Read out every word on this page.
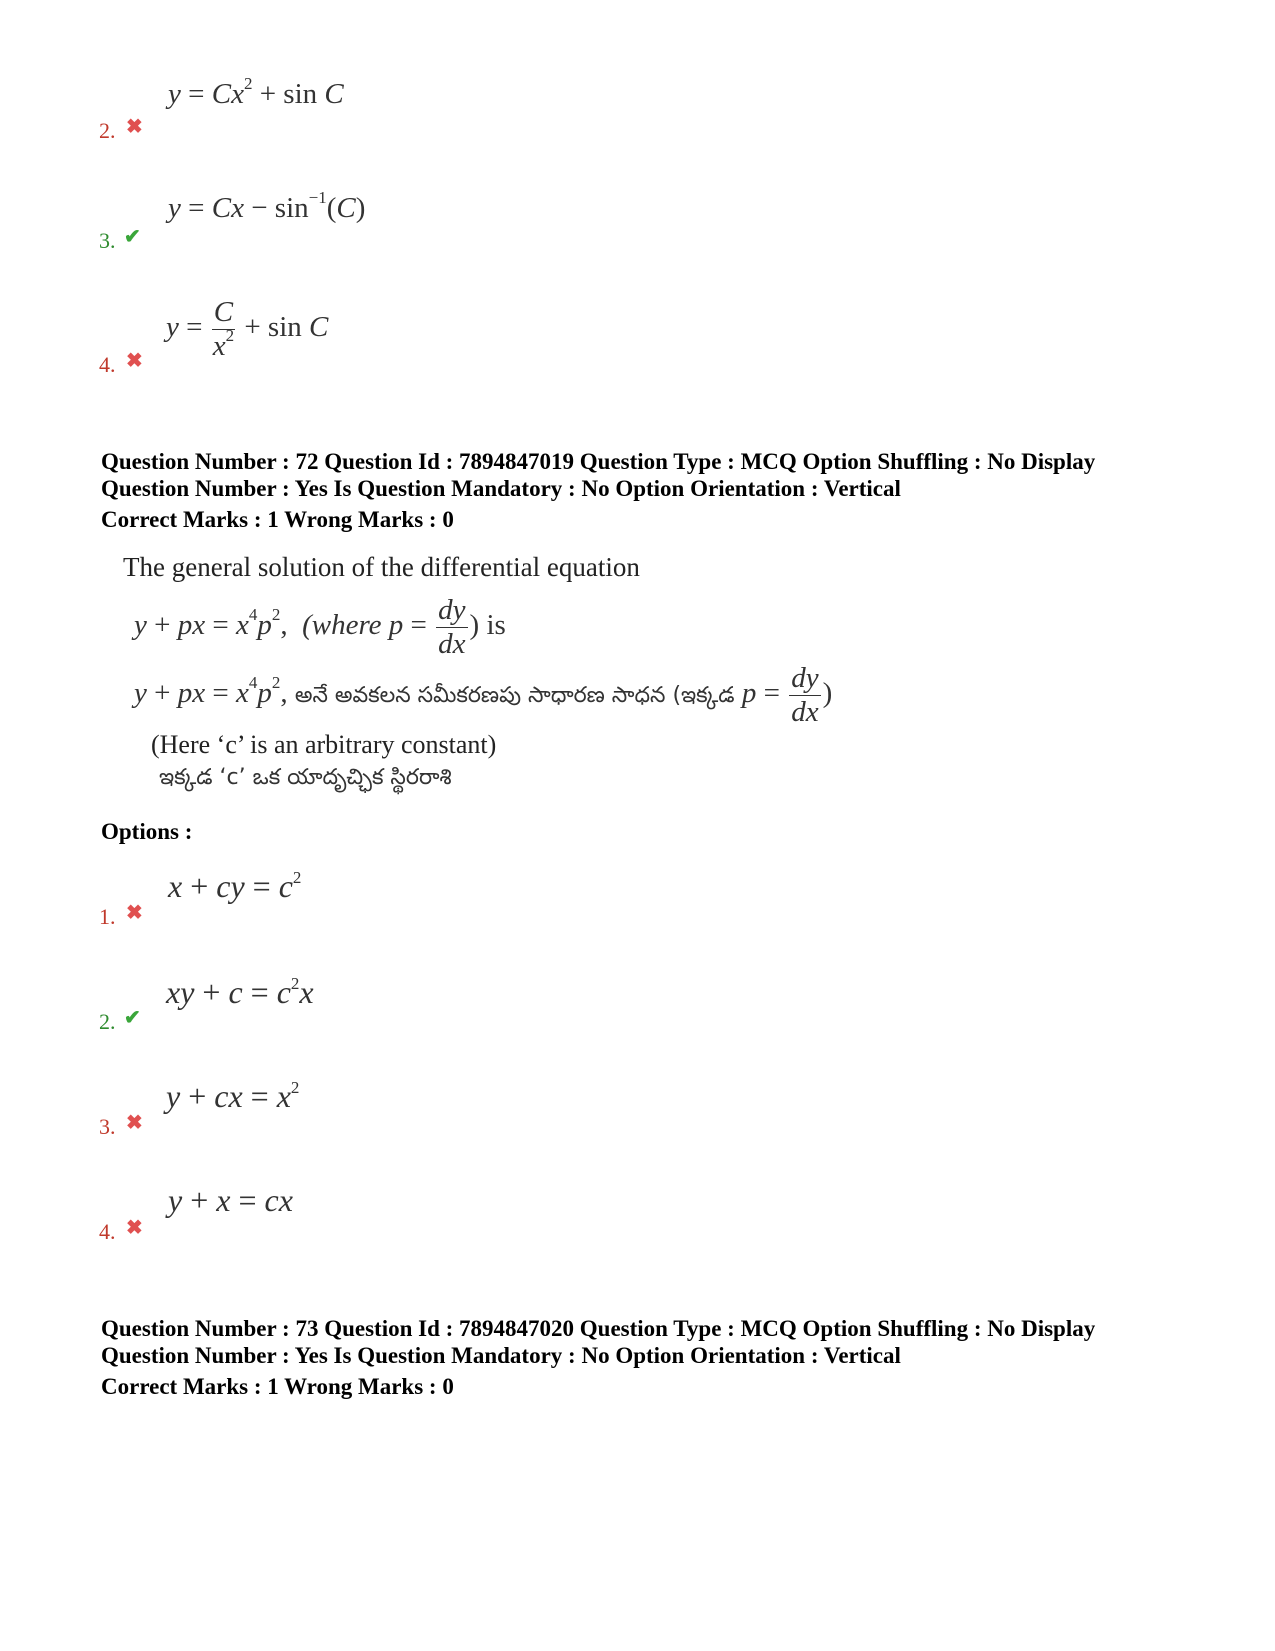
$y = Cx^2 + \sin C$
2. ✖
$y = Cx - \sin^{-1}(C)$
3. ✔
$y = \frac{C}{x^2} + \sin C$
4. ✖
Question Number : 72 Question Id : 7894847019 Question Type : MCQ Option Shuffling : No Display
Question Number : Yes Is Question Mandatory : No Option Orientation : Vertical
Correct Marks : 1 Wrong Marks : 0
The general solution of the differential equation
y + px = $x^4p^2$,  (where $p = \frac{dy}{dx}$ ) is
y + px = $x^4p^2$, అనే అవకలన సమీకరణపు సాధారణ సాధన (ఇక్కడ $p = \frac{dy}{dx}$ )
(Here ‘c’ is an arbitrary constant)
ఇక్కడ ‘c’ ఒక యాదృచ్ఛిక స్థిరరాశి
Options :
x + cy = $c^2$
1. ✖
xy + $c = c^2x$
2. ✔
y + cx = $x^2$
3. ✖
y + x = cx
4. ✖
Question Number : 73 Question Id : 7894847020 Question Type : MCQ Option Shuffling : No Display
Question Number : Yes Is Question Mandatory : No Option Orientation : Vertical
Correct Marks : 1 Wrong Marks : 0
